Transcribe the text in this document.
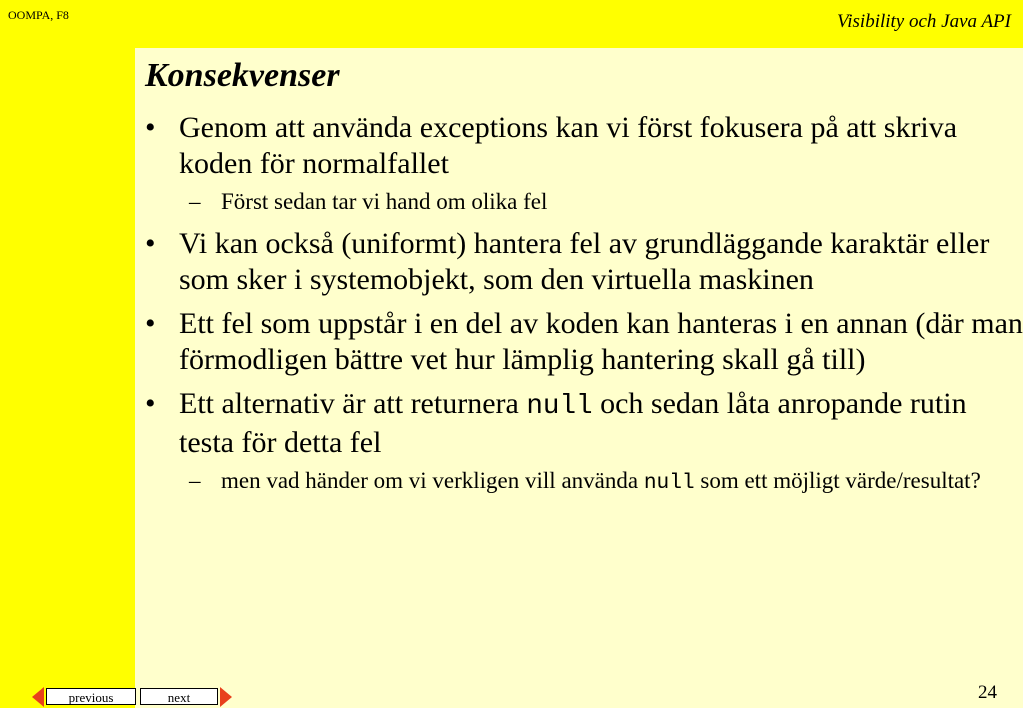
OOMPA, F8	Visibility och Java API
Konsekvenser
• Genom att använda exceptions kan vi först fokusera på att skriva koden för normalfallet
– Först sedan tar vi hand om olika fel
• Vi kan också (uniformt) hantera fel av grundläggande karaktär eller som sker i systemobjekt, som den virtuella maskinen
• Ett fel som uppstår i en del av koden kan hanteras i en annan (där man förmodligen bättre vet hur lämplig hantering skall gå till)
• Ett alternativ är att returnera null och sedan låta anropande rutin testa för detta fel
– men vad händer om vi verkligen vill använda null som ett möjligt värde/resultat?
24
previous	next
